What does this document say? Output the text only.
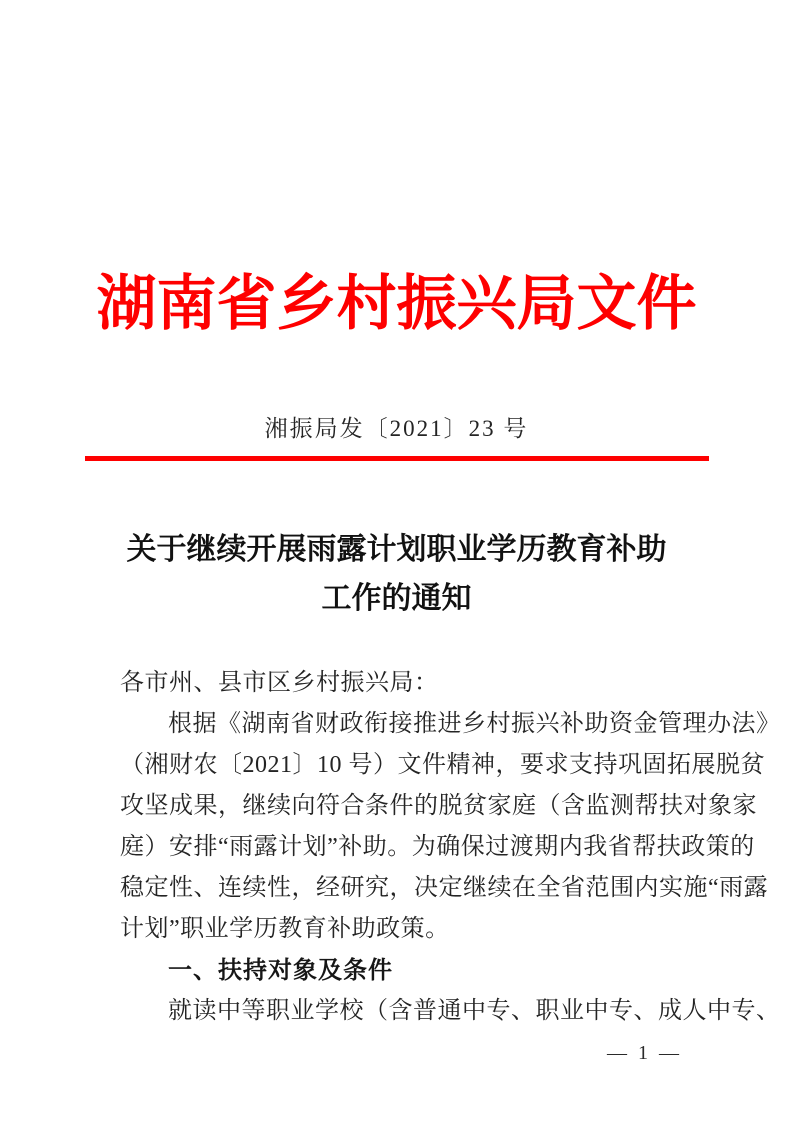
湖南省乡村振兴局文件
湘振局发〔2021〕23 号
关于继续开展雨露计划职业学历教育补助
工作的通知
各市州、县市区乡村振兴局：
根据《湖南省财政衔接推进乡村振兴补助资金管理办法》
（湘财农〔2021〕10 号）文件精神，要求支持巩固拓展脱贫
攻坚成果，继续向符合条件的脱贫家庭（含监测帮扶对象家
庭）安排“雨露计划”补助。为确保过渡期内我省帮扶政策的
稳定性、连续性，经研究，决定继续在全省范围内实施“雨露
计划”职业学历教育补助政策。
一、扶持对象及条件
就读中等职业学校（含普通中专、职业中专、成人中专、
— 1 —
